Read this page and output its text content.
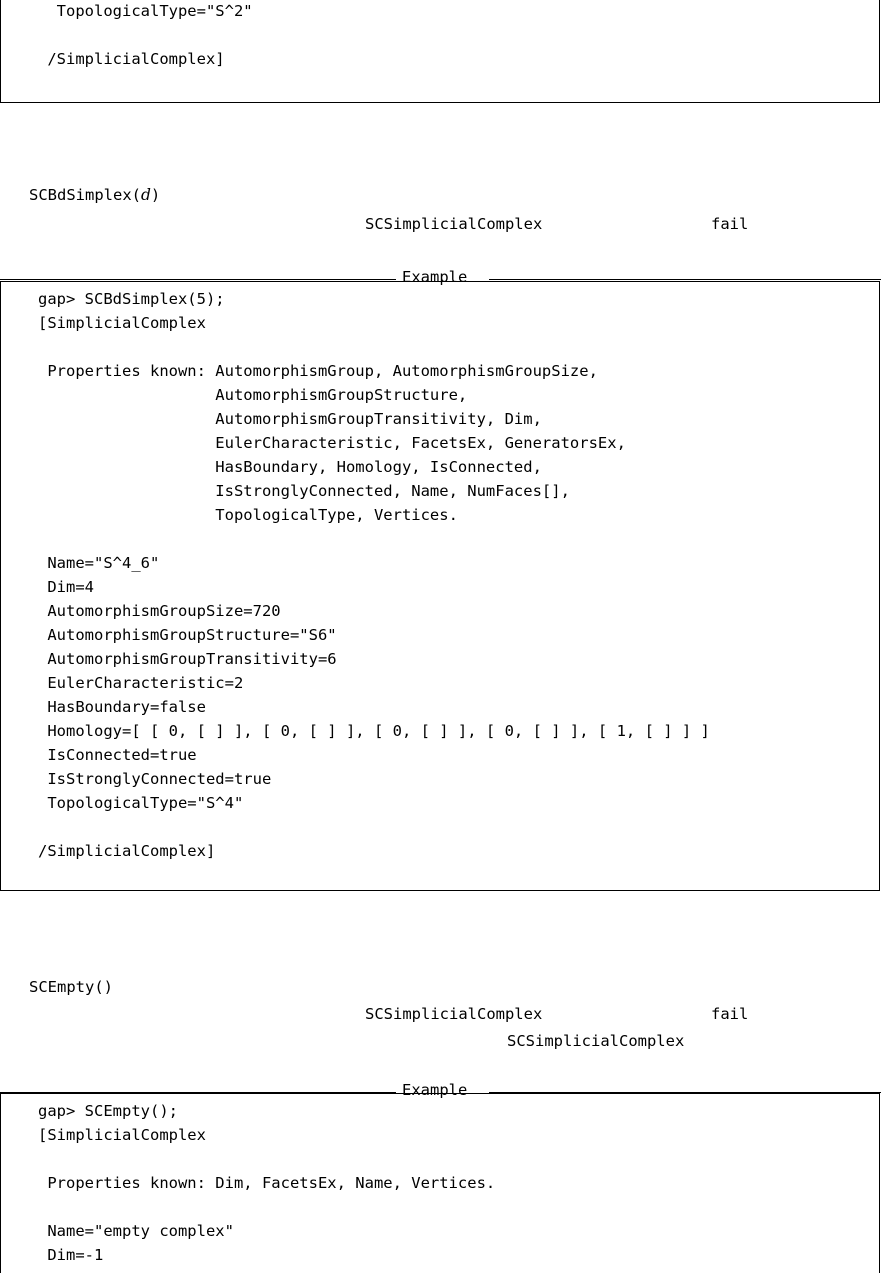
TopologicalType="S^2"
/SimplicialComplex]
SCBdSimplex(d)
SCSimplicialComplex	fail
Example
gap> SCBdSimplex(5);
[SimplicialComplex
Properties known: AutomorphismGroup, AutomorphismGroupSize,
AutomorphismGroupStructure,
AutomorphismGroupTransitivity, Dim,
EulerCharacteristic, FacetsEx, GeneratorsEx,
HasBoundary, Homology, IsConnected,
IsStronglyConnected, Name, NumFaces[],
TopologicalType, Vertices.
Name="S^4_6"
Dim=4
AutomorphismGroupSize=720
AutomorphismGroupStructure="S6"
AutomorphismGroupTransitivity=6
EulerCharacteristic=2
HasBoundary=false
Homology=[ [ 0, [ ] ], [ 0, [ ] ], [ 0, [ ] ], [ 0, [ ] ], [ 1, [ ] ] ]
IsConnected=true
IsStronglyConnected=true
TopologicalType="S^4"
/SimplicialComplex]
SCEmpty()
SCSimplicialComplex	fail
SCSimplicialComplex
Example
gap> SCEmpty();
[SimplicialComplex
Properties known: Dim, FacetsEx, Name, Vertices.
Name="empty complex"
Dim=-1
